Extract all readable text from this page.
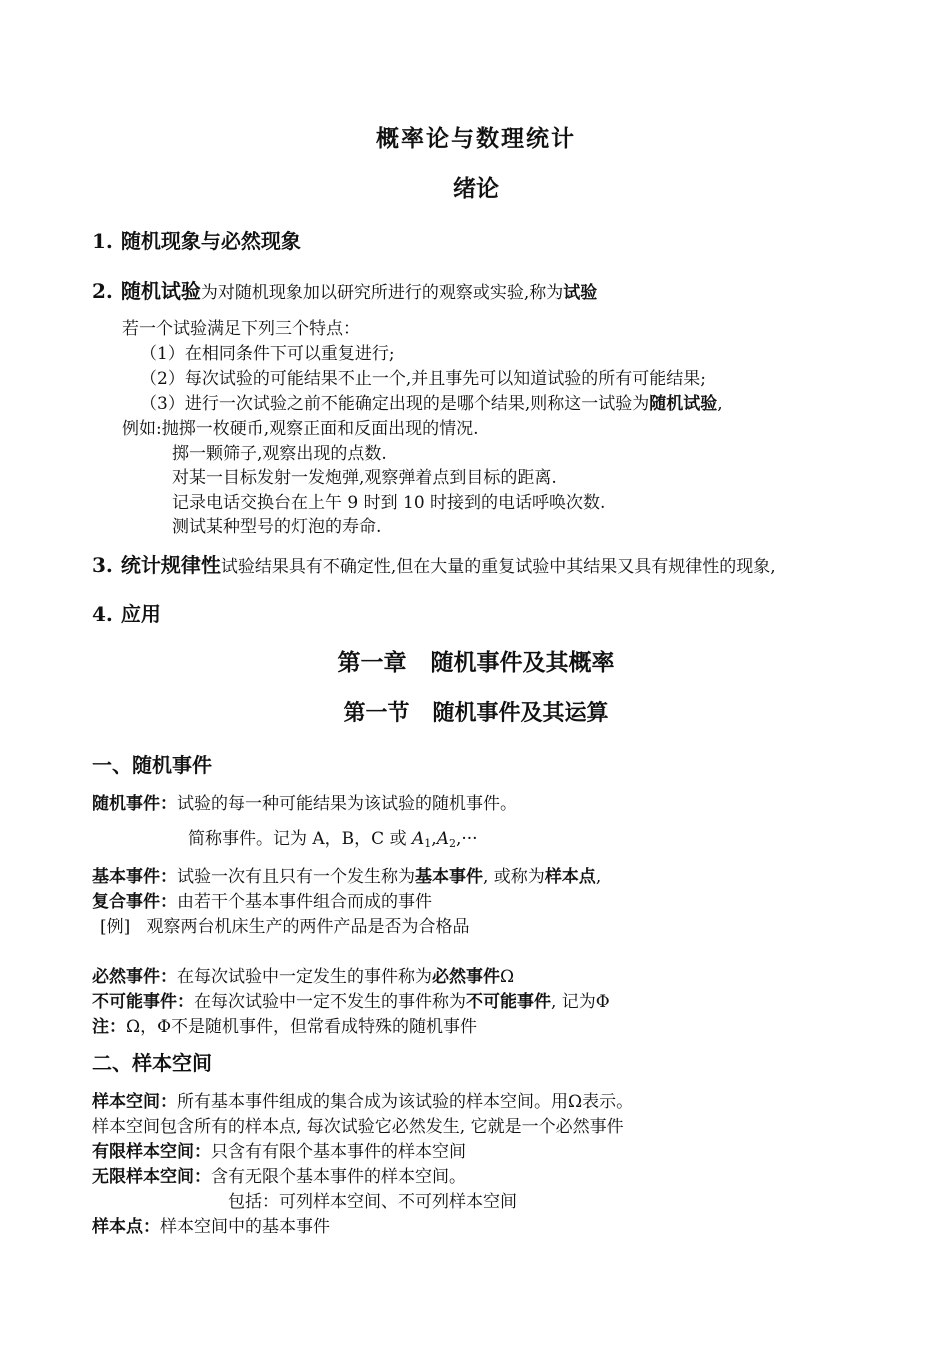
概率论与数理统计
绪论
1. 随机现象与必然现象
2. 随机试验为对随机现象加以研究所进行的观察或实验,称为试验
若一个试验满足下列三个特点：
（1）在相同条件下可以重复进行;
（2）每次试验的可能结果不止一个,并且事先可以知道试验的所有可能结果;
（3）进行一次试验之前不能确定出现的是哪个结果,则称这一试验为随机试验,
例如:抛掷一枚硬币,观察正面和反面出现的情况.
掷一颗筛子,观察出现的点数.
对某一目标发射一发炮弹,观察弹着点到目标的距离.
记录电话交换台在上午 9 时到 10 时接到的电话呼唤次数.
测试某种型号的灯泡的寿命.
3. 统计规律性试验结果具有不确定性,但在大量的重复试验中其结果又具有规律性的现象,
4. 应用
第一章   随机事件及其概率
第一节   随机事件及其运算
一、随机事件
随机事件：试验的每一种可能结果为该试验的随机事件。
简称事件。记为 A，B，C 或 $A_1,A_2,\cdot\cdot\cdot$
基本事件：试验一次有且只有一个发生称为基本事件, 或称为样本点,
复合事件：由若干个基本事件组合而成的事件
[例]   观察两台机床生产的两件产品是否为合格品
必然事件：在每次试验中一定发生的事件称为必然事件Ω
不可能事件：在每次试验中一定不发生的事件称为不可能事件, 记为Φ
注：Ω，Φ不是随机事件，但常看成特殊的随机事件
二、样本空间
样本空间：所有基本事件组成的集合成为该试验的样本空间。用Ω表示。
样本空间包含所有的样本点, 每次试验它必然发生, 它就是一个必然事件
有限样本空间：只含有有限个基本事件的样本空间
无限样本空间：含有无限个基本事件的样本空间。
包括：可列样本空间、不可列样本空间
样本点：样本空间中的基本事件
